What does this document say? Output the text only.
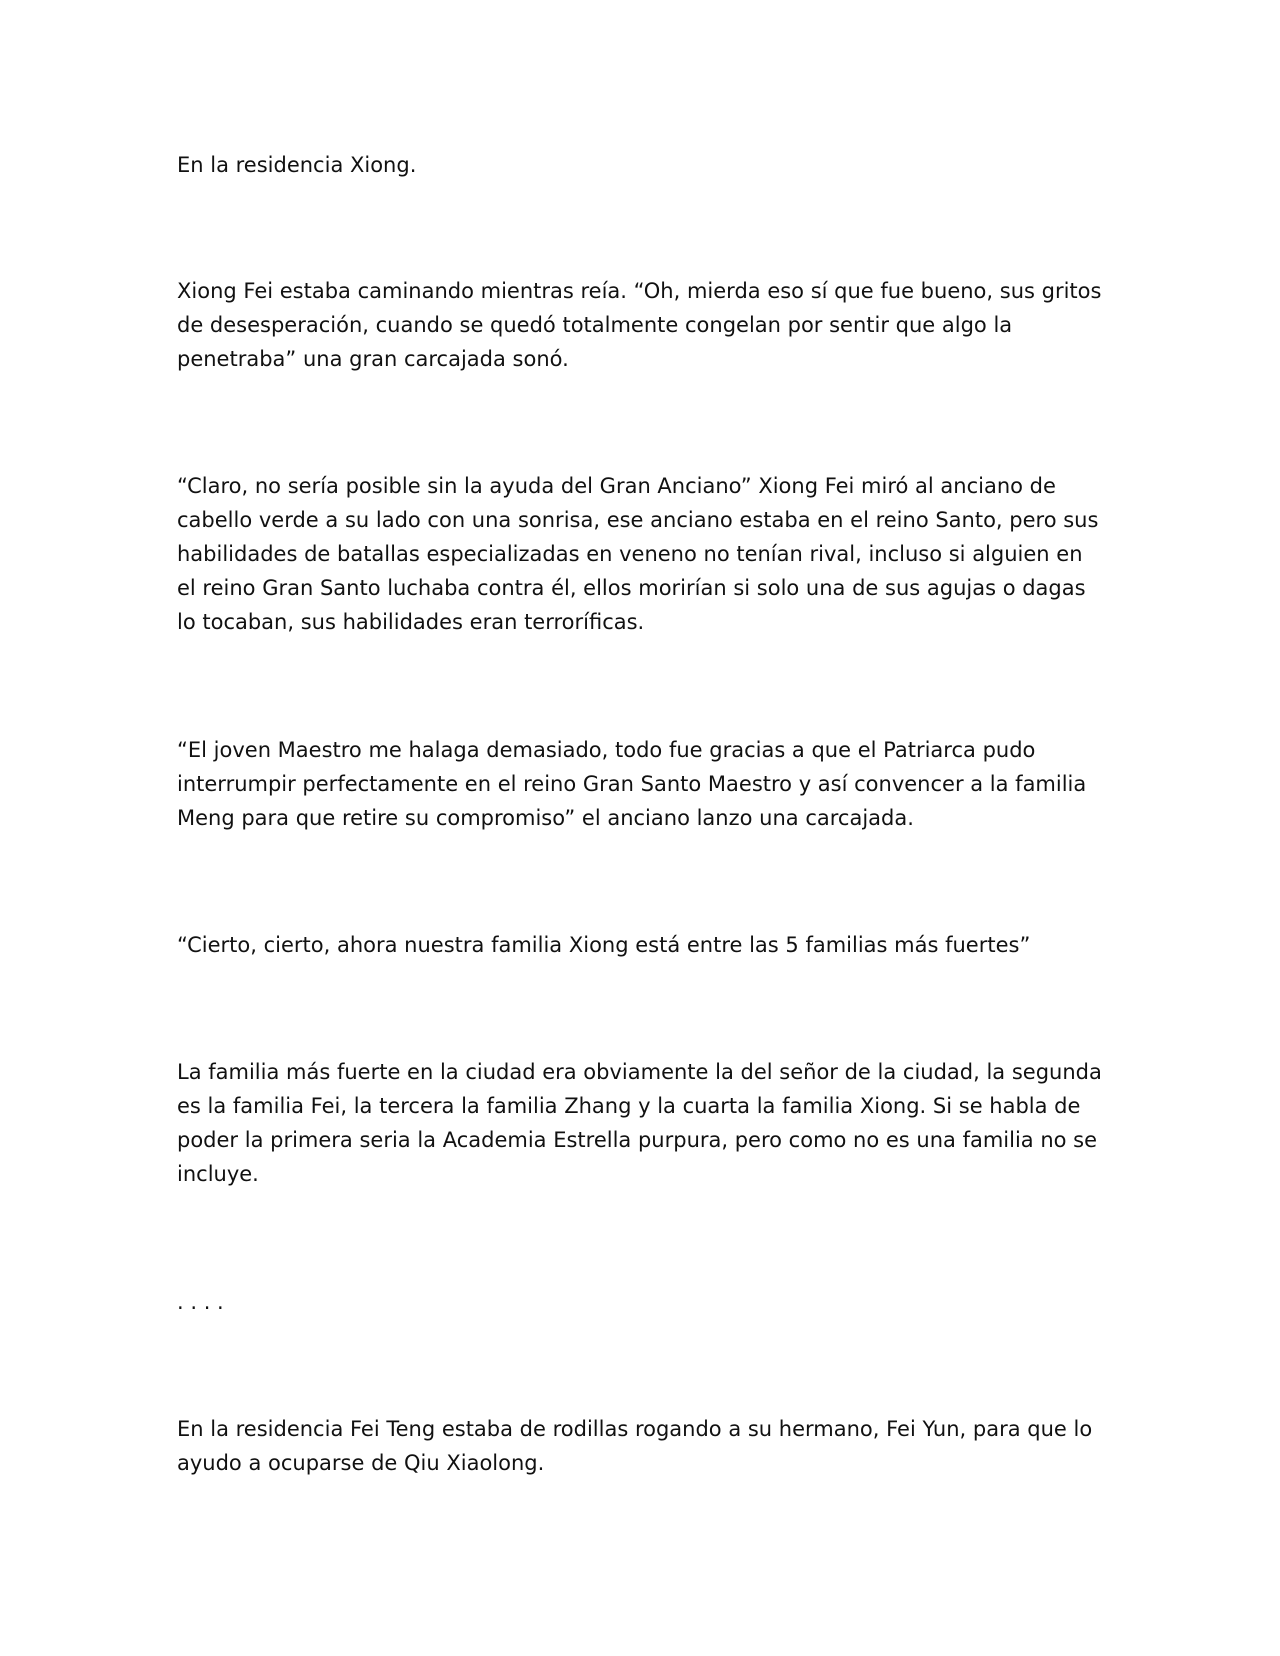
En la residencia Xiong.

Xiong Fei estaba caminando mientras reía. “Oh, mierda eso sí que fue bueno, sus gritos de desesperación, cuando se quedó totalmente congelan por sentir que algo la penetraba” una gran carcajada sonó.

“Claro, no sería posible sin la ayuda del Gran Anciano” Xiong Fei miró al anciano de cabello verde a su lado con una sonrisa, ese anciano estaba en el reino Santo, pero sus habilidades de batallas especializadas en veneno no tenían rival, incluso si alguien en el reino Gran Santo luchaba contra él, ellos morirían si solo una de sus agujas o dagas lo tocaban, sus habilidades eran terroríficas.

“El joven Maestro me halaga demasiado, todo fue gracias a que el Patriarca pudo interrumpir perfectamente en el reino Gran Santo Maestro y así convencer a la familia Meng para que retire su compromiso” el anciano lanzo una carcajada.

“Cierto, cierto, ahora nuestra familia Xiong está entre las 5 familias más fuertes”

La familia más fuerte en la ciudad era obviamente la del señor de la ciudad, la segunda es la familia Fei, la tercera la familia Zhang y la cuarta la familia Xiong. Si se habla de poder la primera seria la Academia Estrella purpura, pero como no es una familia no se incluye.

. . . .

En la residencia Fei Teng estaba de rodillas rogando a su hermano, Fei Yun, para que lo ayudo a ocuparse de Qiu Xiaolong.
